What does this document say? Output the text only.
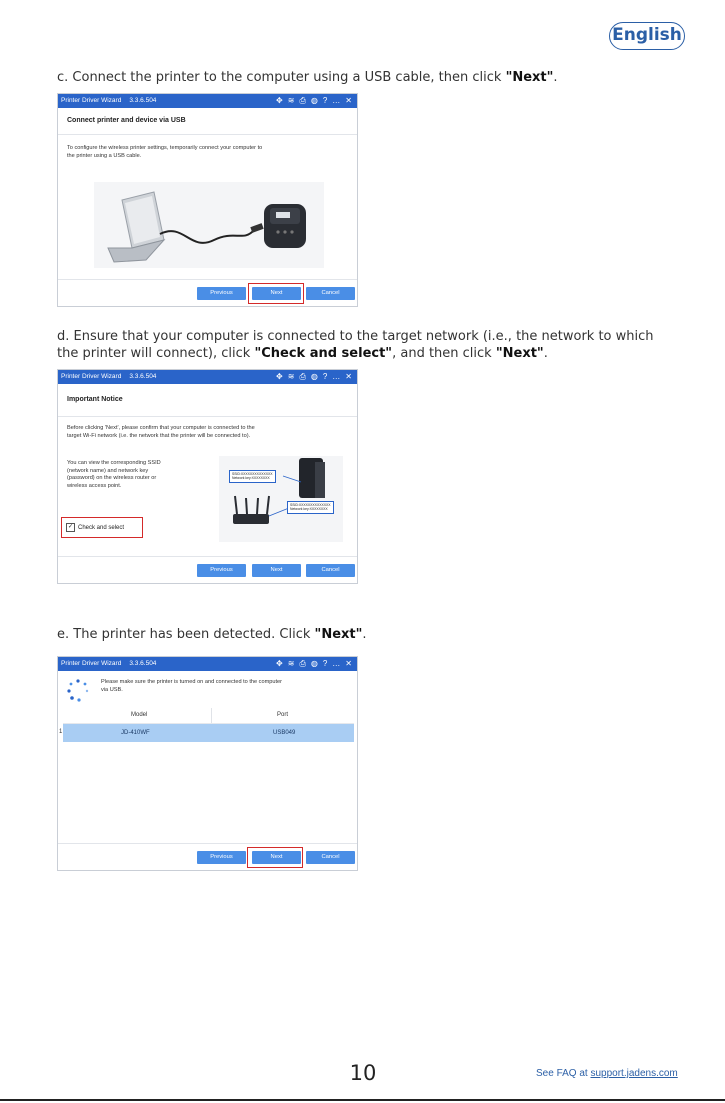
English
c. Connect the printer to the computer using a USB cable, then click "Next".
Printer Driver Wizard 3.3.6.504	✥ ≋ ⎙ ◍ ? … ✕
Connect printer and device via USB
To configure the wireless printer settings, temporarily connect your computer to
the printer using a USB cable.
Previous	Next	Cancel
d. Ensure that your computer is connected to the target network (i.e., the network to which
the printer will connect), click "Check and select", and then click "Next".
Printer Driver Wizard 3.3.6.504	✥ ≋ ⎙ ◍ ? … ✕
Important Notice
Before clicking 'Next', please confirm that your computer is connected to the
target Wi-Fi network (i.e. the network that the printer will be connected to).
You can view the corresponding SSID
(network name) and network key
(password) on the wireless router or
wireless access point.
✓ Check and select
SSID:XXXXXXXXXXXXXX
Network key:XXXXXXXX
SSID:XXXXXXXXXXXXXX
Network key:XXXXXXXX
Previous	Next	Cancel
e. The printer has been detected. Click "Next".
Printer Driver Wizard 3.3.6.504	✥ ≋ ⎙ ◍ ? … ✕
Please make sure the printer is turned on and connected to the computer
via USB.
Model	Port
1	JD-410WF	USB049
Previous	Next	Cancel
10	See FAQ at support.jadens.com
